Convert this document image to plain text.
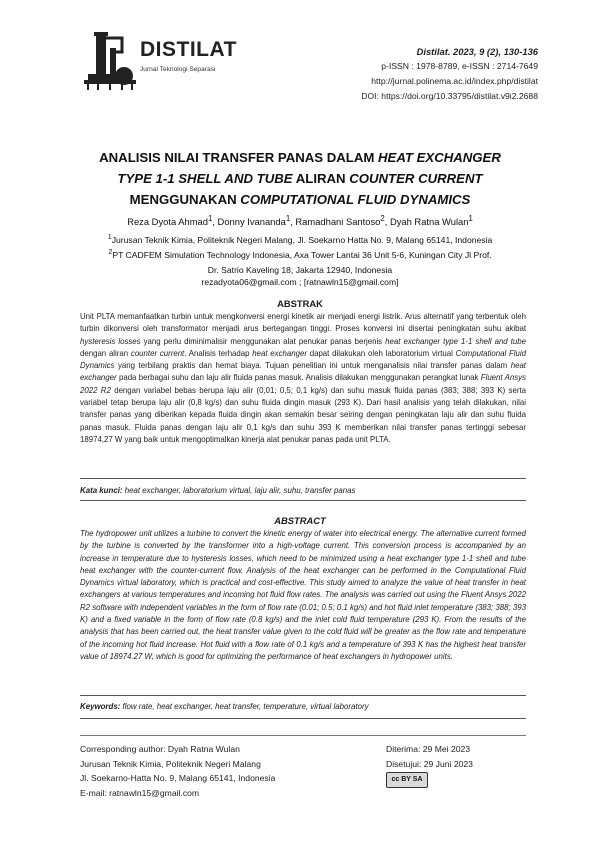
DISTILAT
Jurnal Teknologi Separasi
Distilat. 2023, 9 (2), 130-136
p-ISSN : 1978-8789, e-ISSN : 2714-7649
http://jurnal.polinema.ac.id/index.php/distilat
DOI: https://doi.org/10.33795/distilat.v9i2.2688
ANALISIS NILAI TRANSFER PANAS DALAM HEAT EXCHANGER
TYPE 1-1 SHELL AND TUBE ALIRAN COUNTER CURRENT
MENGGUNAKAN COMPUTATIONAL FLUID DYNAMICS
Reza Dyota Ahmad$^1$, Donny Ivananda$^1$, Ramadhani Santoso$^2$, Dyah Ratna Wulan$^1$
$^1$Jurusan Teknik Kimia, Politeknik Negeri Malang, Jl. Soekarno Hatta No. 9, Malang 65141, Indonesia
$^2$PT CADFEM Simulation Technology Indonesia, Axa Tower Lantai 36 Unit 5-6, Kuningan City Jl Prof.
Dr. Satrio Kaveling 18, Jakarta 12940, Indonesia
rezadyota06@gmail.com ; [ratnawln15@gmail.com]
ABSTRAK
Unit PLTA memanfaatkan turbin untuk mengkonversi energi kinetik air menjadi energi listrik. Arus alternatif yang terbentuk oleh turbin dikonversi oleh transformator menjadi arus bertegangan tinggi. Proses konversi ini disertai peningkatan suhu akibat hysteresis losses yang perlu diminimalisir menggunakan alat penukar panas berjenis heat exchanger type 1-1 shell and tube dengan aliran counter current. Analisis terhadap heat exchanger dapat dilakukan oleh laboratorium virtual Computational Fluid Dynamics yang terbilang praktis dan hemat biaya. Tujuan penelitian ini untuk menganalisis nilai transfer panas dalam heat exchanger pada berbagai suhu dan laju alir fluida panas masuk. Analisis dilakukan menggunakan perangkat lunak Fluent Ansys 2022 R2 dengan variabel bebas berupa laju alir (0,01; 0,5; 0,1 kg/s) dan suhu masuk fluida panas (383; 388; 393 K) serta variabel tetap berupa laju alir (0,8 kg/s) dan suhu fluida dingin masuk (293 K). Dari hasil analisis yang telah dilakukan, nilai transfer panas yang diberikan kepada fluida dingin akan semakin besar seiring dengan peningkatan laju alir dan suhu fluida panas masuk. Fluida panas dengan laju alir 0,1 kg/s dan suhu 393 K memberikan nilai transfer panas tertinggi sebesar 18974,27 W yang baik untuk mengoptimalkan kinerja alat penukar panas pada unit PLTA.
Kata kunci: heat exchanger, laboratorium virtual, laju alir, suhu, transfer panas
ABSTRACT
The hydropower unit utilizes a turbine to convert the kinetic energy of water into electrical energy. The alternative current formed by the turbine is converted by the transformer into a high-voltage current. This conversion process is accompanied by an increase in temperature due to hysteresis losses, which need to be minimized using a heat exchanger type 1-1 shell and tube heat exchanger with the counter-current flow. Analysis of the heat exchanger can be performed in the Computational Fluid Dynamics virtual laboratory, which is practical and cost-effective. This study aimed to analyze the value of heat transfer in heat exchangers at various temperatures and incoming hot fluid flow rates. The analysis was carried out using the Fluent Ansys 2022 R2 software with independent variables in the form of flow rate (0.01; 0.5; 0.1 kg/s) and hot fluid inlet temperature (383; 388; 393 K) and a fixed variable in the form of flow rate (0.8 kg/s) and the inlet cold fluid temperature (293 K). From the results of the analysis that has been carried out, the heat transfer value given to the cold fluid will be greater as the flow rate and temperature of the incoming hot fluid increase. Hot fluid with a flow rate of 0.1 kg/s and a temperature of 393 K has the highest heat transfer value of 18974.27 W, which is good for optimizing the performance of heat exchangers in hydropower units.
Keywords: flow rate, heat exchanger, heat transfer, temperature, virtual laboratory
Corresponding author: Dyah Ratna Wulan
Jurusan Teknik Kimia, Politeknik Negeri Malang
Jl. Soekarno-Hatta No. 9, Malang 65141, Indonesia
E-mail: ratnawln15@gmail.com
Diterima: 29 Mei 2023
Disetujui: 29 Juni 2023
cc BY SA
